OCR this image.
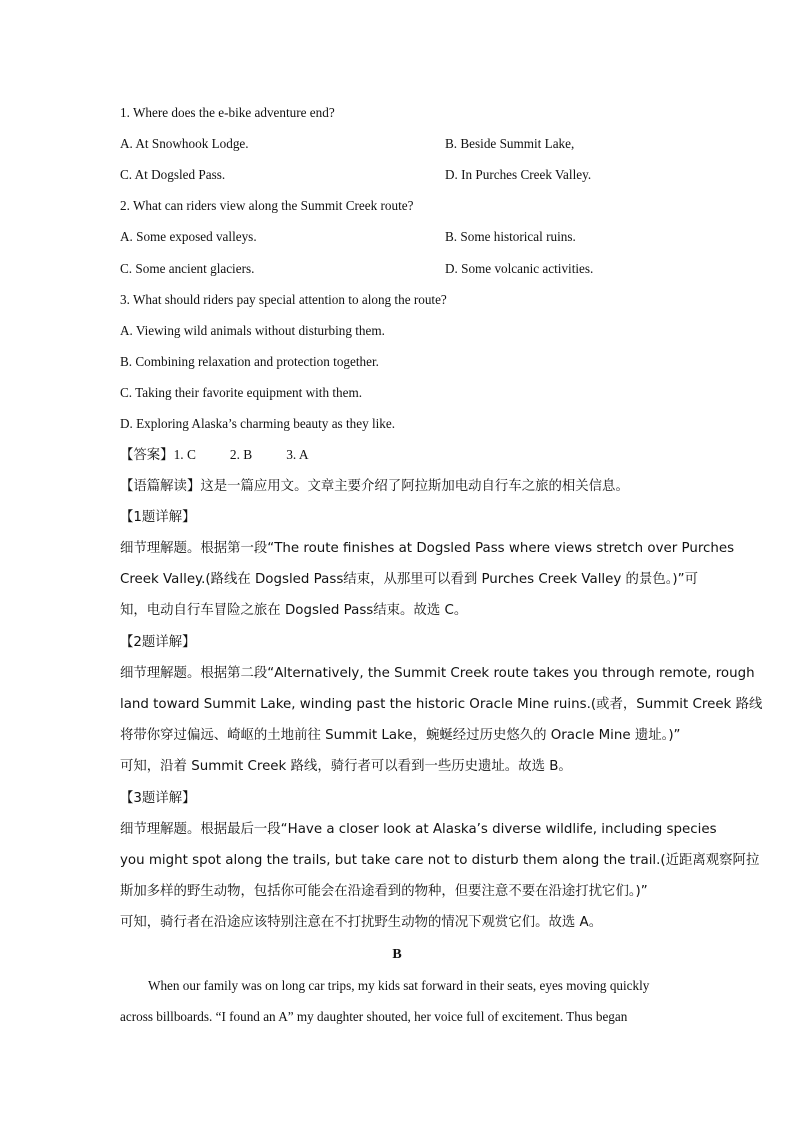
1. Where does the e-bike adventure end?
A. At Snowhook Lodge.	B. Beside Summit Lake,
C. At Dogsled Pass.	D. In Purches Creek Valley.
2. What can riders view along the Summit Creek route?
A. Some exposed valleys.	B. Some historical ruins.
C. Some ancient glaciers.	D. Some volcanic activities.
3. What should riders pay special attention to along the route?
A. Viewing wild animals without disturbing them.
B. Combining relaxation and protection together.
C. Taking their favorite equipment with them.
D. Exploring Alaska’s charming beauty as they like.
【答案】1. C	2. B	3. A
【语篇解读】这是一篇应用文。文章主要介绍了阿拉斯加电动自行车之旅的相关信息。
【1题详解】
细节理解题。根据第一段“The route finishes at Dogsled Pass where views stretch over Purches
Creek Valley.(路线在 Dogsled Pass结束，从那里可以看到 Purches Creek Valley 的景色。)”可
知，电动自行车冒险之旅在 Dogsled Pass结束。故选 C。
【2题详解】
细节理解题。根据第二段“Alternatively, the Summit Creek route takes you through remote, rough
land toward Summit Lake, winding past the historic Oracle Mine ruins.(或者，Summit Creek 路线
将带你穿过偏远、崎岖的土地前往 Summit Lake，蜿蜒经过历史悠久的 Oracle Mine 遗址。)”
可知，沿着 Summit Creek 路线，骑行者可以看到一些历史遗址。故选 B。
【3题详解】
细节理解题。根据最后一段“Have a closer look at Alaska’s diverse wildlife, including species
you might spot along the trails, but take care not to disturb them along the trail.(近距离观察阿拉
斯加多样的野生动物，包括你可能会在沿途看到的物种，但要注意不要在沿途打扰它们。)”
可知，骑行者在沿途应该特别注意在不打扰野生动物的情况下观赏它们。故选 A。
B
When our family was on long car trips, my kids sat forward in their seats, eyes moving quickly
across billboards. “I found an A” my daughter shouted, her voice full of excitement. Thus began
